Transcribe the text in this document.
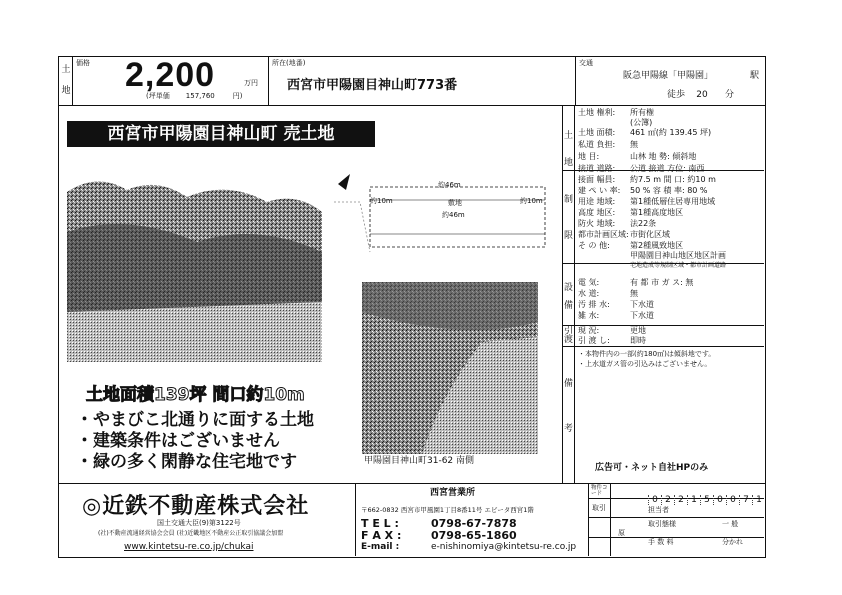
土
地
価格 2,200	万円
(坪単価 157,760	円)
所在(地番)
西宮市甲陽園目神山町773番
交通
阪急甲陽線「甲陽園」	駅
徒歩 20 分
西宮市甲陽園目神山町 売土地
約46m
約10m	敷地	約10m
約46m
甲陽園目神山町31-62 南側
土地面積139坪 間口約10m
・やまびこ北通りに面する土地
・建築条件はございません
・緑の多く閑静な住宅地です
土

地
制

限
設

備
引
渡
備

考
土地 権利: 所有権
(公簿)
土地 面積: 461 ㎡(約 139.45 坪)
私道 負担: 無
地 目:	山林 地 勢: 傾斜地
接道 道路: 公道 接道 方位: 南西
接面 幅員: 約7.5 m 間 口: 約10 m
建 ぺ い 率: 50 % 容 積 率: 80 %
用途 地域: 第1種低層住居専用地域
高度 地区: 第1種高度地区
防火 地域: 法22条
都市計画区域:市街化区域
そ の 他:	第2種風致地区
甲陽園目神山地区地区計画
宅地造成等規制区域・都市計画道路
電 気:	有 都 市 ガ ス: 無
水 道:	無
汚 排 水:	下水道
雑 水:	下水道
現 況:	更地
引 渡 し:	即時
・本物件内の一部(約180㎡)は傾斜地です。
・上水道ガス管の引込みはございません。
広告可・ネット自社HPのみ
◎近鉄不動産株式会社
国土交通大臣(9)第3122号
(社)不動産流通経営協会会員 (社)近畿地区不動産公正取引協議会加盟
www.kintetsu-re.co.jp/chukai
西宮営業所
〒662-0832 西宮市甲風園1丁目8番11号 エビータ西宮1階
T E L :	0798-67-7878
F A X :	0798-65-1860
E-mail :	e-nishinomiya@kintetsu-re.co.jp
物件コード
0 2 2 1 5 0 0 7 1
取引	担当者
取引態様	一 般
原
手 数 料	分かれ
